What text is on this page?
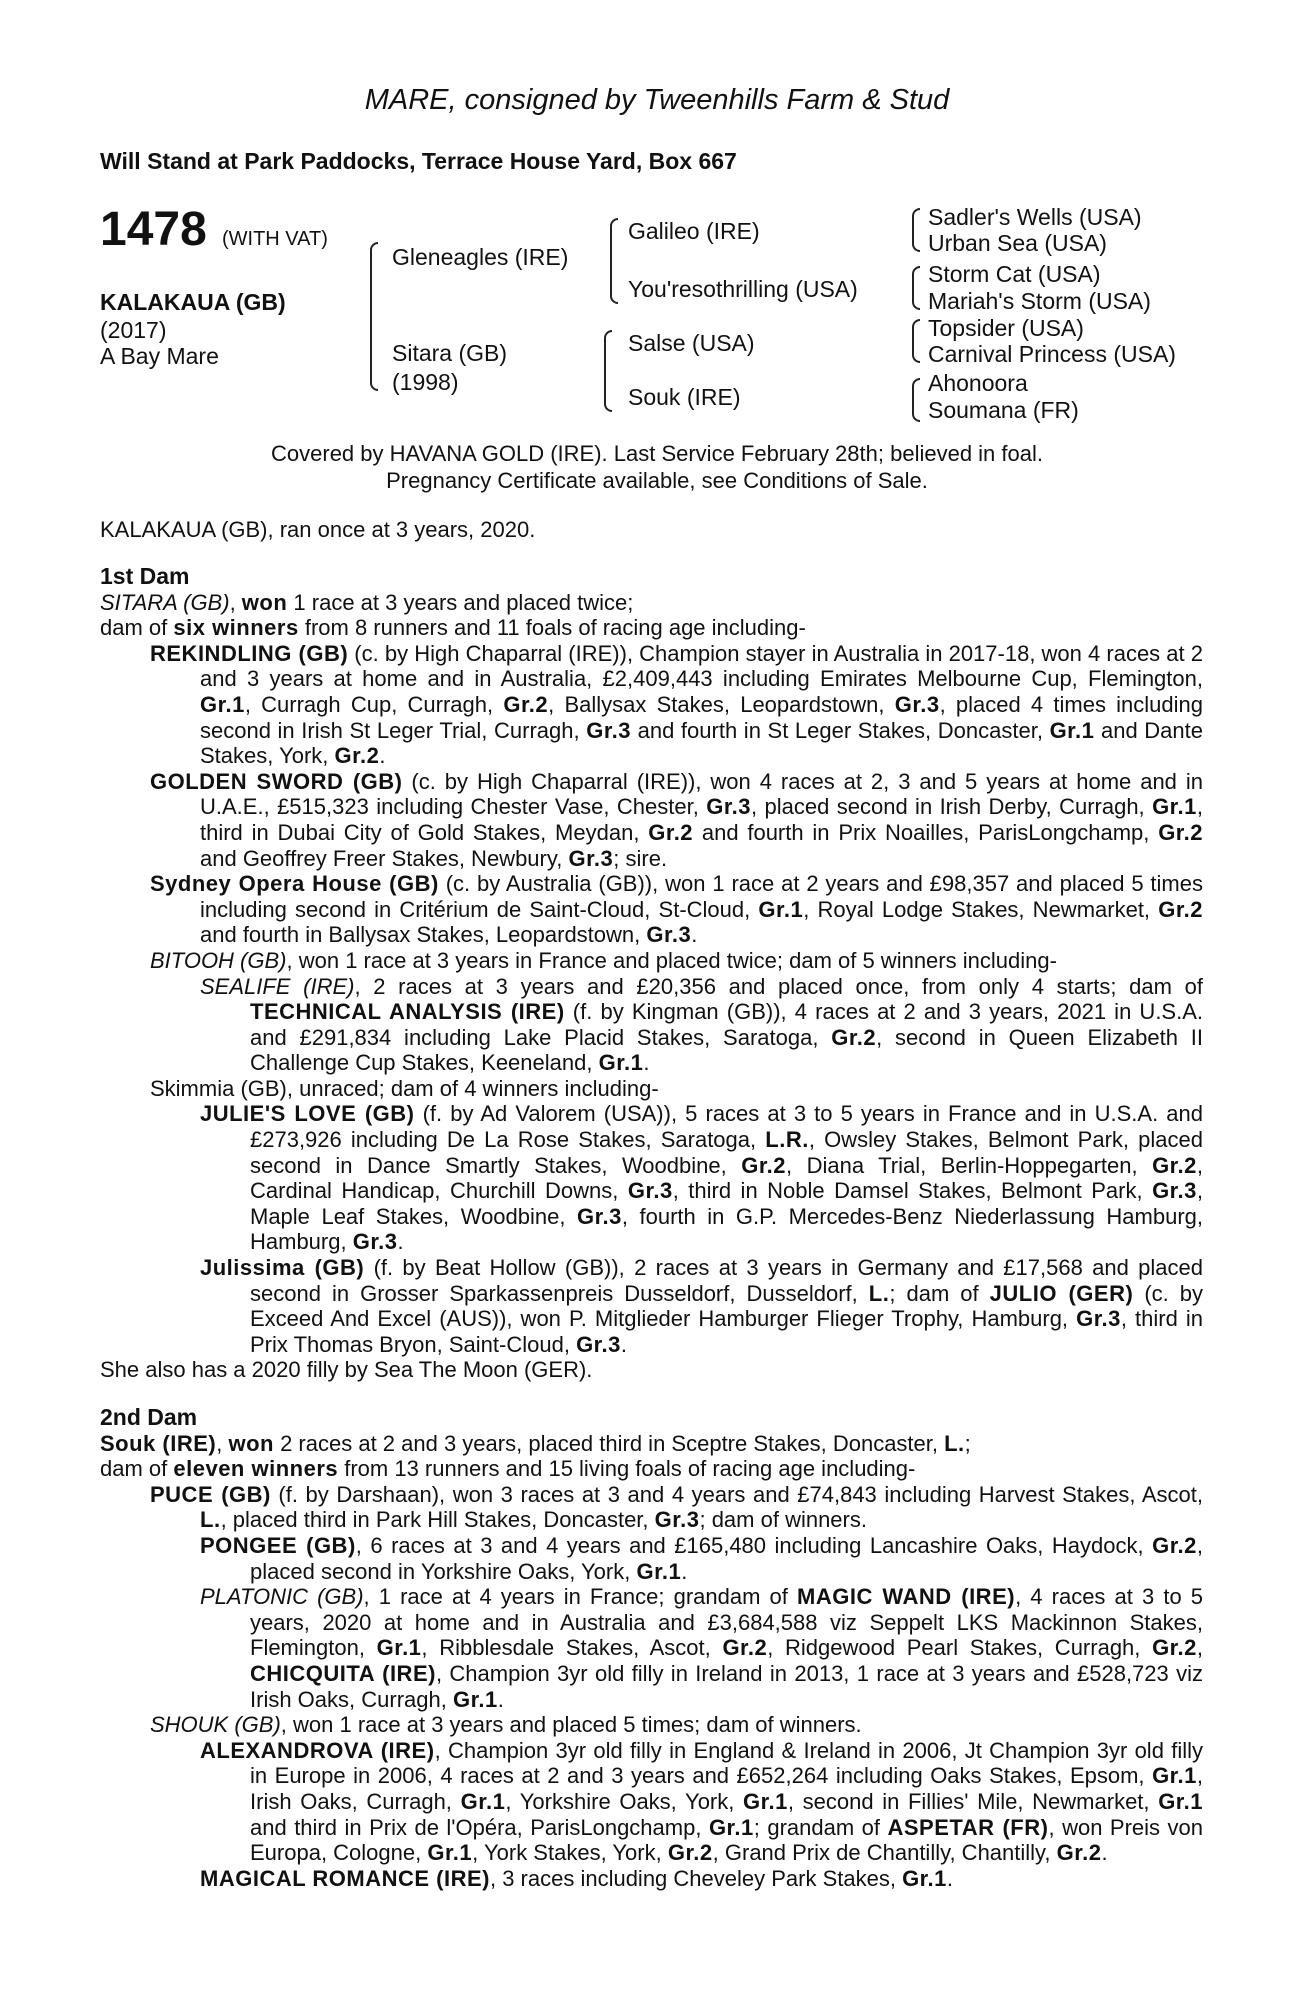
MARE, consigned by Tweenhills Farm & Stud
Will Stand at Park Paddocks, Terrace House Yard, Box 667
1478 (WITH VAT)
KALAKAUA (GB)
(2017)
A Bay Mare
Gleneagles (IRE)
Sitara (GB)
(1998)
Galileo (IRE)
You'resothrilling (USA)
Salse (USA)
Souk (IRE)
Sadler's Wells (USA)
Urban Sea (USA)
Storm Cat (USA)
Mariah's Storm (USA)
Topsider (USA)
Carnival Princess (USA)
Ahonoora
Soumana (FR)
Covered by HAVANA GOLD (IRE). Last Service February 28th; believed in foal.
Pregnancy Certificate available, see Conditions of Sale.
KALAKAUA (GB), ran once at 3 years, 2020.
1st Dam
SITARA (GB), won 1 race at 3 years and placed twice;
dam of six winners from 8 runners and 11 foals of racing age including-
REKINDLING (GB) (c. by High Chaparral (IRE)), Champion stayer in Australia in 2017-18, won 4 races at 2 and 3 years at home and in Australia, £2,409,443 including Emirates Melbourne Cup, Flemington, Gr.1, Curragh Cup, Curragh, Gr.2, Ballysax Stakes, Leopardstown, Gr.3, placed 4 times including second in Irish St Leger Trial, Curragh, Gr.3 and fourth in St Leger Stakes, Doncaster, Gr.1 and Dante Stakes, York, Gr.2.
GOLDEN SWORD (GB) (c. by High Chaparral (IRE)), won 4 races at 2, 3 and 5 years at home and in U.A.E., £515,323 including Chester Vase, Chester, Gr.3, placed second in Irish Derby, Curragh, Gr.1, third in Dubai City of Gold Stakes, Meydan, Gr.2 and fourth in Prix Noailles, ParisLongchamp, Gr.2 and Geoffrey Freer Stakes, Newbury, Gr.3; sire.
Sydney Opera House (GB) (c. by Australia (GB)), won 1 race at 2 years and £98,357 and placed 5 times including second in Critérium de Saint-Cloud, St-Cloud, Gr.1, Royal Lodge Stakes, Newmarket, Gr.2 and fourth in Ballysax Stakes, Leopardstown, Gr.3.
BITOOH (GB), won 1 race at 3 years in France and placed twice; dam of 5 winners including-
SEALIFE (IRE), 2 races at 3 years and £20,356 and placed once, from only 4 starts; dam of TECHNICAL ANALYSIS (IRE) (f. by Kingman (GB)), 4 races at 2 and 3 years, 2021 in U.S.A. and £291,834 including Lake Placid Stakes, Saratoga, Gr.2, second in Queen Elizabeth II Challenge Cup Stakes, Keeneland, Gr.1.
Skimmia (GB), unraced; dam of 4 winners including-
JULIE'S LOVE (GB) (f. by Ad Valorem (USA)), 5 races at 3 to 5 years in France and in U.S.A. and £273,926 including De La Rose Stakes, Saratoga, L.R., Owsley Stakes, Belmont Park, placed second in Dance Smartly Stakes, Woodbine, Gr.2, Diana Trial, Berlin-Hoppegarten, Gr.2, Cardinal Handicap, Churchill Downs, Gr.3, third in Noble Damsel Stakes, Belmont Park, Gr.3, Maple Leaf Stakes, Woodbine, Gr.3, fourth in G.P. Mercedes-Benz Niederlassung Hamburg, Hamburg, Gr.3.
Julissima (GB) (f. by Beat Hollow (GB)), 2 races at 3 years in Germany and £17,568 and placed second in Grosser Sparkassenpreis Dusseldorf, Dusseldorf, L.; dam of JULIO (GER) (c. by Exceed And Excel (AUS)), won P. Mitglieder Hamburger Flieger Trophy, Hamburg, Gr.3, third in Prix Thomas Bryon, Saint-Cloud, Gr.3.
She also has a 2020 filly by Sea The Moon (GER).
2nd Dam
Souk (IRE), won 2 races at 2 and 3 years, placed third in Sceptre Stakes, Doncaster, L.;
dam of eleven winners from 13 runners and 15 living foals of racing age including-
PUCE (GB) (f. by Darshaan), won 3 races at 3 and 4 years and £74,843 including Harvest Stakes, Ascot, L., placed third in Park Hill Stakes, Doncaster, Gr.3; dam of winners.
PONGEE (GB), 6 races at 3 and 4 years and £165,480 including Lancashire Oaks, Haydock, Gr.2, placed second in Yorkshire Oaks, York, Gr.1.
PLATONIC (GB), 1 race at 4 years in France; grandam of MAGIC WAND (IRE), 4 races at 3 to 5 years, 2020 at home and in Australia and £3,684,588 viz Seppelt LKS Mackinnon Stakes, Flemington, Gr.1, Ribblesdale Stakes, Ascot, Gr.2, Ridgewood Pearl Stakes, Curragh, Gr.2, CHICQUITA (IRE), Champion 3yr old filly in Ireland in 2013, 1 race at 3 years and £528,723 viz Irish Oaks, Curragh, Gr.1.
SHOUK (GB), won 1 race at 3 years and placed 5 times; dam of winners.
ALEXANDROVA (IRE), Champion 3yr old filly in England & Ireland in 2006, Jt Champion 3yr old filly in Europe in 2006, 4 races at 2 and 3 years and £652,264 including Oaks Stakes, Epsom, Gr.1, Irish Oaks, Curragh, Gr.1, Yorkshire Oaks, York, Gr.1, second in Fillies' Mile, Newmarket, Gr.1 and third in Prix de l'Opéra, ParisLongchamp, Gr.1; grandam of ASPETAR (FR), won Preis von Europa, Cologne, Gr.1, York Stakes, York, Gr.2, Grand Prix de Chantilly, Chantilly, Gr.2.
MAGICAL ROMANCE (IRE), 3 races including Cheveley Park Stakes, Gr.1.
